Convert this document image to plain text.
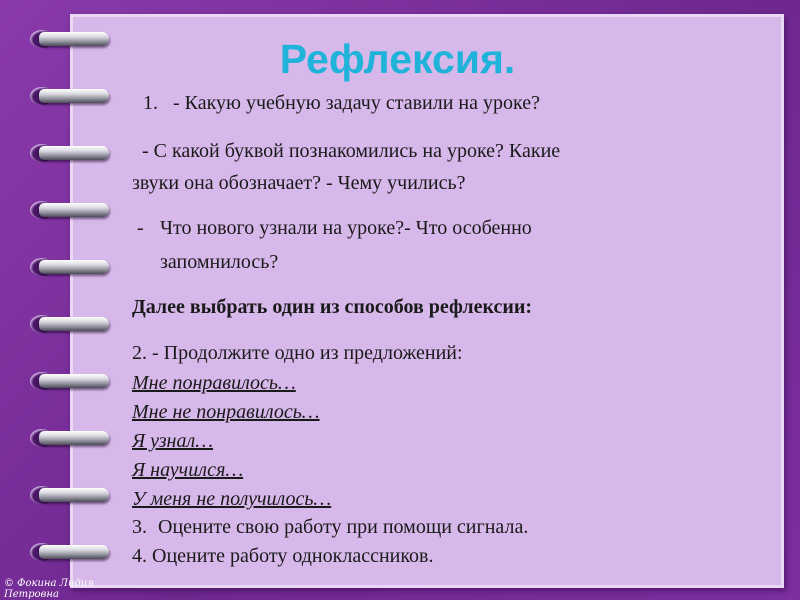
Рефлексия.
1. - Какую учебную задачу ставили на уроке?
- С какой буквой познакомились на уроке? Какие
звуки она обозначает? - Чему учились?
- Что нового узнали на уроке?- Что особенно
запомнилось?
Далее выбрать один из способов рефлексии:
2. - Продолжите одно из предложений:
Мне понравилось…
Мне не понравилось…
Я узнал…
Я научился…
У меня не получилось…
3. Оцените свою работу при помощи сигнала.
4. Оцените работу одноклассников.
© Фокина Лидия
Петровна
